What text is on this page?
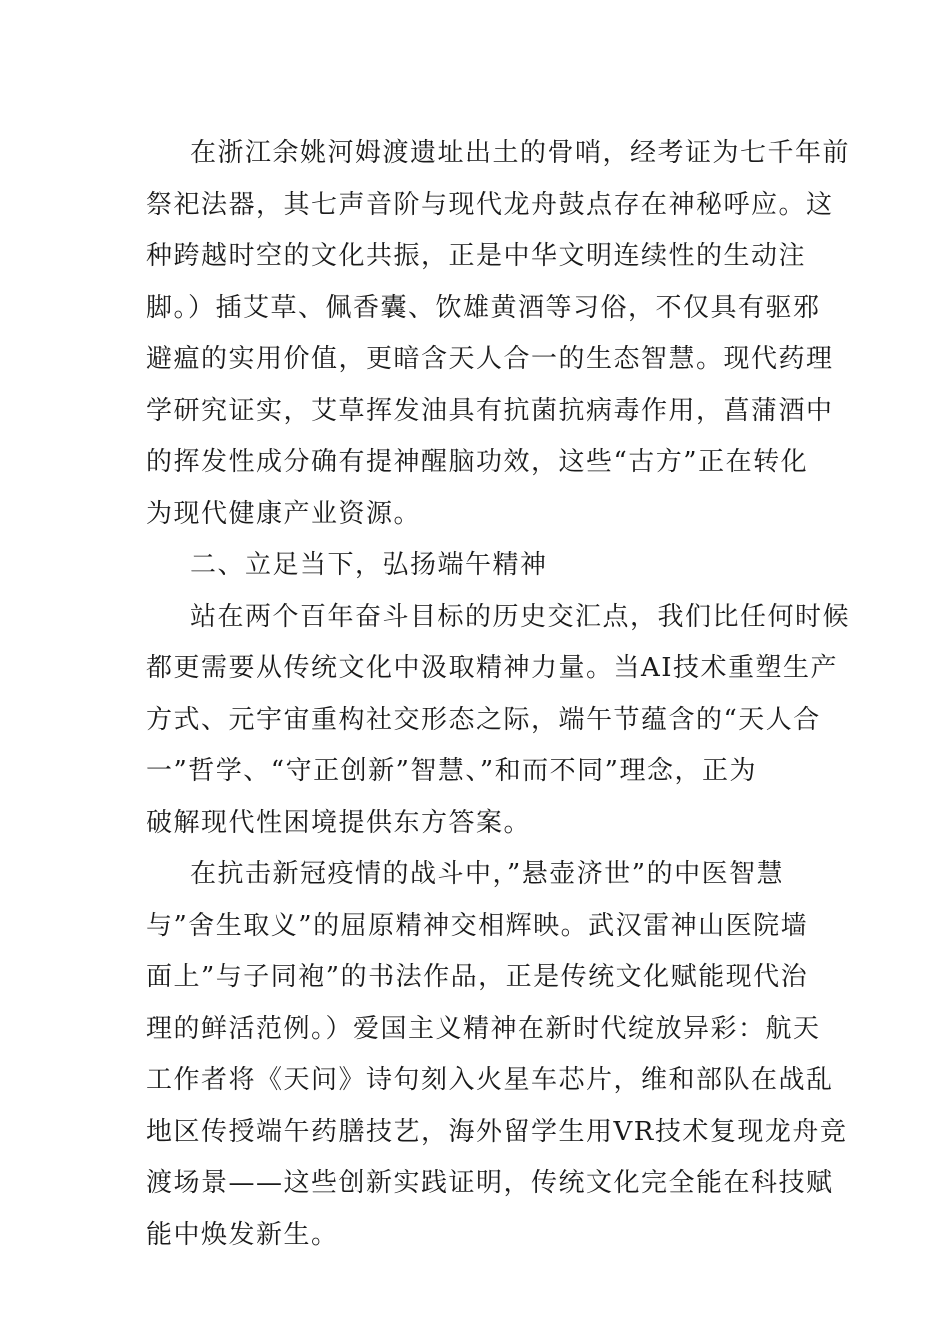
在浙江余姚河姆渡遗址出土的骨哨，经考证为七千年前
祭祀法器，其七声音阶与现代龙舟鼓点存在神秘呼应。这
种跨越时空的文化共振，正是中华文明连续性的生动注
脚。）插艾草、佩香囊、饮雄黄酒等习俗，不仅具有驱邪
避瘟的实用价值，更暗含天人合一的生态智慧。现代药理
学研究证实，艾草挥发油具有抗菌抗病毒作用，菖蒲酒中
的挥发性成分确有提神醒脑功效，这些“古方”正在转化
为现代健康产业资源。
二、立足当下，弘扬端午精神
站在两个百年奋斗目标的历史交汇点，我们比任何时候
都更需要从传统文化中汲取精神力量。当AI技术重塑生产
方式、元宇宙重构社交形态之际，端午节蕴含的“天人合
一”哲学、“守正创新”智慧、”和而不同”理念，正为
破解现代性困境提供东方答案。
在抗击新冠疫情的战斗中，”悬壶济世”的中医智慧
与”舍生取义”的屈原精神交相辉映。武汉雷神山医院墙
面上”与子同袍”的书法作品，正是传统文化赋能现代治
理的鲜活范例。）爱国主义精神在新时代绽放异彩：航天
工作者将《天问》诗句刻入火星车芯片，维和部队在战乱
地区传授端午药膳技艺，海外留学生用VR技术复现龙舟竞
渡场景——这些创新实践证明，传统文化完全能在科技赋
能中焕发新生。
